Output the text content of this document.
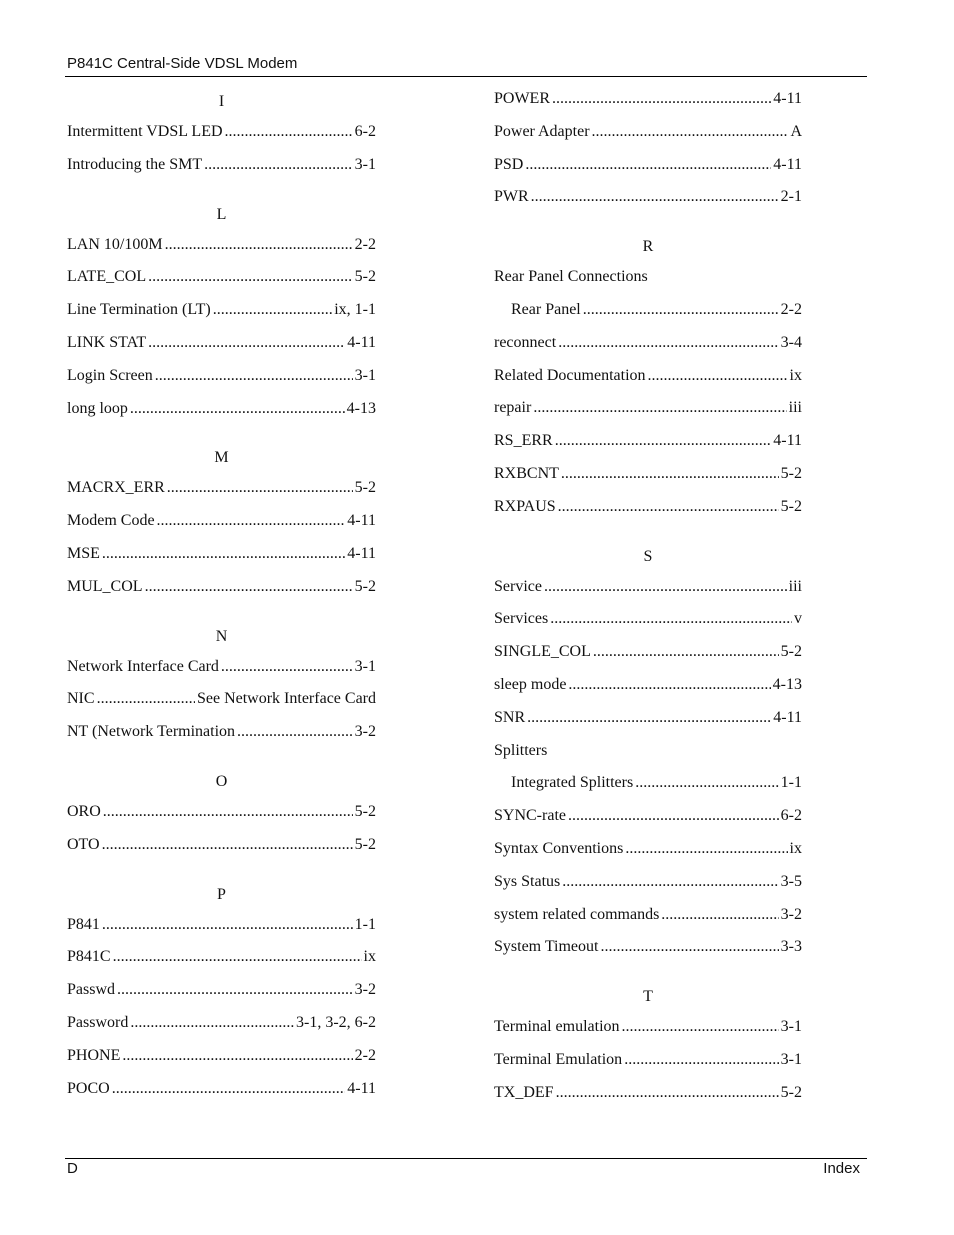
P841C Central-Side VDSL Modem
I
Intermittent VDSL LED .....	6-2
Introducing the SMT .....	3-1
L
LAN 10/100M .....	2-2
LATE_COL .....	5-2
Line Termination (LT) .....	ix, 1-1
LINK STAT .....	4-11
Login Screen .....	3-1
long loop .....	4-13
M
MACRX_ERR .....	5-2
Modem Code .....	4-11
MSE .....	4-11
MUL_COL .....	5-2
N
Network Interface Card .....	3-1
NIC .....	See Network Interface Card
NT (Network Termination .....	3-2
O
ORO .....	5-2
OTO .....	5-2
P
P841 .....	1-1
P841C .....	ix
Passwd .....	3-2
Password .....	3-1, 3-2, 6-2
PHONE .....	2-2
POCO .....	4-11
POWER .....	4-11
Power Adapter .....	A
PSD .....	4-11
PWR .....	2-1
R
Rear Panel Connections
Rear Panel .....	2-2
reconnect .....	3-4
Related Documentation .....	ix
repair .....	iii
RS_ERR .....	4-11
RXBCNT .....	5-2
RXPAUS .....	5-2
S
Service .....	iii
Services .....	v
SINGLE_COL .....	5-2
sleep mode .....	4-13
SNR .....	4-11
Splitters
Integrated Splitters .....	1-1
SYNC-rate .....	6-2
Syntax Conventions .....	ix
Sys Status .....	3-5
system related commands .....	3-2
System Timeout .....	3-3
T
Terminal emulation .....	3-1
Terminal Emulation .....	3-1
TX_DEF .....	5-2
D	Index
